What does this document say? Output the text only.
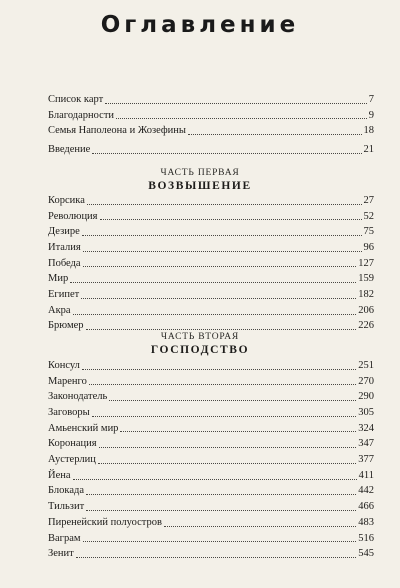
Оглавление
Список карт	7
Благодарности	9
Семья Наполеона и Жозефины	18
Введение	21
ЧАСТЬ ПЕРВАЯ
ВОЗВЫШЕНИЕ
Корсика	27
Революция	52
Дезире	75
Италия	96
Победа	127
Мир	159
Египет	182
Акра	206
Брюмер	226
ЧАСТЬ ВТОРАЯ
ГОСПОДСТВО
Консул	251
Маренго	270
Законодатель	290
Заговоры	305
Амьенский мир	324
Коронация	347
Аустерлиц	377
Йена	411
Блокада	442
Тильзит	466
Пиренейский полуостров	483
Ваграм	516
Зенит	545
